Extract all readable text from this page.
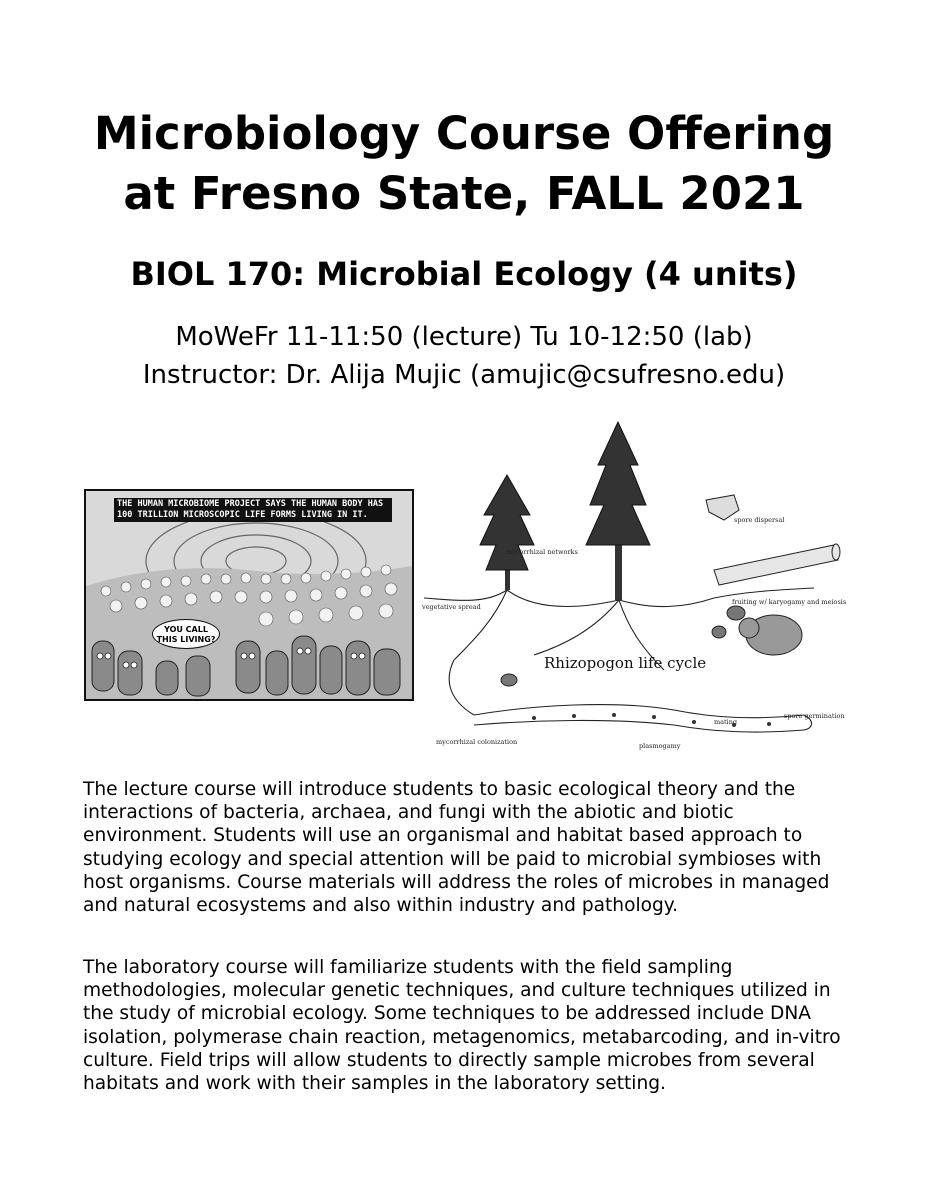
Microbiology Course Offering
at Fresno State, FALL 2021
BIOL 170: Microbial Ecology (4 units)
MoWeFr 11-11:50 (lecture) Tu 10-12:50 (lab)
Instructor: Dr. Alija Mujic (amujic@csufresno.edu)
THE HUMAN MICROBIOME PROJECT SAYS THE HUMAN BODY HAS 100 TRILLION MICROSCOPIC LIFE FORMS LIVING IN IT.
YOU CALL THIS LIVING?
mycorrhizal networks
spore dispersal
vegetative spread
fruiting w/ karyogamy and meiosis
spore germination
mating
mycorrhizal colonization	plasmogamy
Rhizopogon life cycle

The lecture course will introduce students to basic ecological theory and the interactions of bacteria, archaea, and fungi with the abiotic and biotic environment. Students will use an organismal and habitat based approach to studying ecology and special attention will be paid to microbial symbioses with host organisms. Course materials will address the roles of microbes in managed and natural ecosystems and also within industry and pathology.

The laboratory course will familiarize students with the field sampling methodologies, molecular genetic techniques, and culture techniques utilized in the study of microbial ecology. Some techniques to be addressed include DNA isolation, polymerase chain reaction, metagenomics, metabarcoding, and in-vitro culture. Field trips will allow students to directly sample microbes from several habitats and work with their samples in the laboratory setting.
